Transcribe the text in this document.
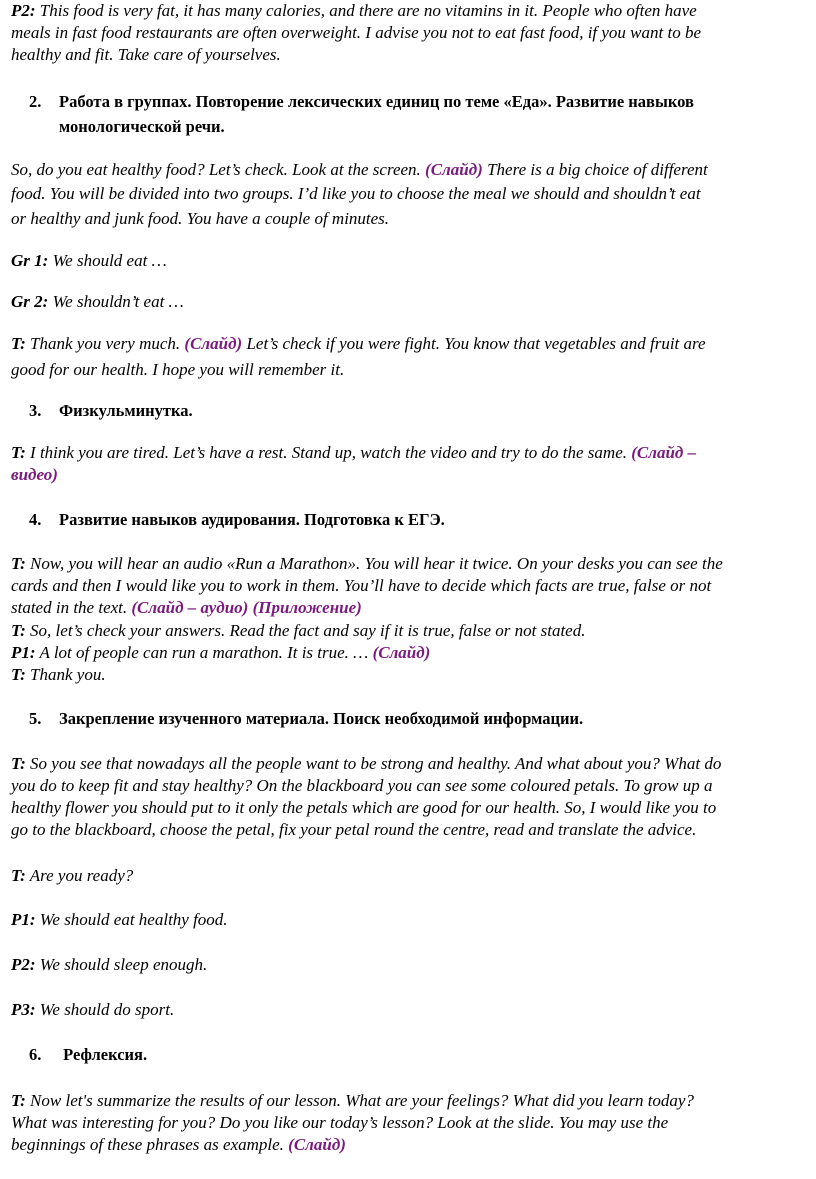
P2: This food is very fat, it has many calories, and there are no vitamins in it. People who often have

meals in fast food restaurants are often overweight. I advise you not to eat fast food, if you want to be

healthy and fit. Take care of yourselves.

2. Работа в группах. Повторение лексических единиц по теме «Еда». Развитие навыков
монологической речи.

So, do you eat healthy food? Let’s check. Look at the screen. (Слайд) There is a big choice of different

food. You will be divided into two groups. I’d like you to choose the meal we should and shouldn’t eat

or healthy and junk food. You have a couple of minutes.

Gr 1: We should eat …

Gr 2: We shouldn’t eat …

T: Thank you very much. (Слайд) Let’s check if you were fight. You know that vegetables and fruit are

good for our health. I hope you will remember it.

3. Физкульминутка.

T: I think you are tired. Let’s have a rest. Stand up, watch the video and try to do the same. (Слайд –

видео)

4. Развитие навыков аудирования. Подготовка к ЕГЭ.

T: Now, you will hear an audio «Run a Marathon». You will hear it twice. On your desks you can see the

cards and then I would like you to work in them. You’ll have to decide which facts are true, false or not

stated in the text. (Слайд – аудио) (Приложение)

T: So, let’s check your answers. Read the fact and say if it is true, false or not stated.

P1: A lot of people can run a marathon. It is true. … (Слайд)

T: Thank you.

5. Закрепление изученного материала. Поиск необходимой информации.

T: So you see that nowadays all the people want to be strong and healthy. And what about you? What do

you do to keep fit and stay healthy? On the blackboard you can see some coloured petals. To grow up a

healthy flower you should put to it only the petals which are good for our health. So, I would like you to

go to the blackboard, choose the petal, fix your petal round the centre, read and translate the advice.

T: Are you ready?

P1: We should eat healthy food.

P2: We should sleep enough.

P3: We should do sport.

6. Рефлексия.

T: Now let's summarize the results of our lesson. What are your feelings? What did you learn today?

What was interesting for you? Do you like our today’s lesson? Look at the slide. You may use the

beginnings of these phrases as example. (Слайд)
